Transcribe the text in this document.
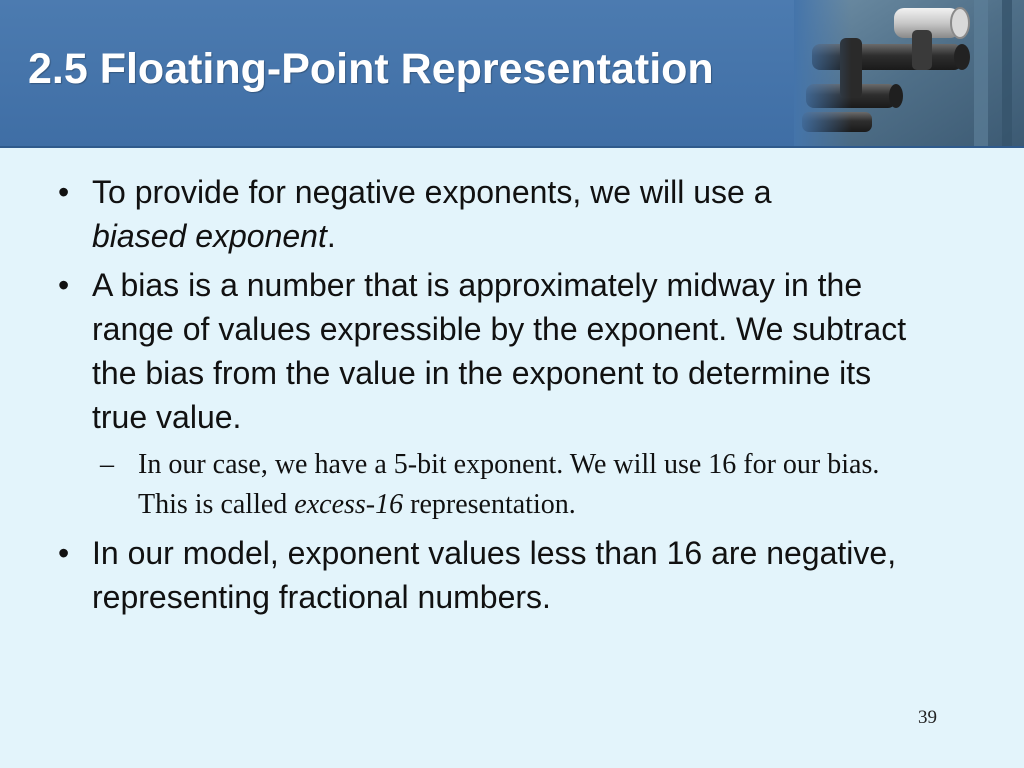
2.5 Floating-Point Representation
• To provide for negative exponents, we will use a
biased exponent.
• A bias is a number that is approximately midway in the range of values expressible by the exponent. We subtract the bias from the value in the exponent to determine its true value.
– In our case, we have a 5-bit exponent. We will use 16 for our bias. This is called excess-16 representation.
• In our model, exponent values less than 16 are negative, representing fractional numbers.
39
